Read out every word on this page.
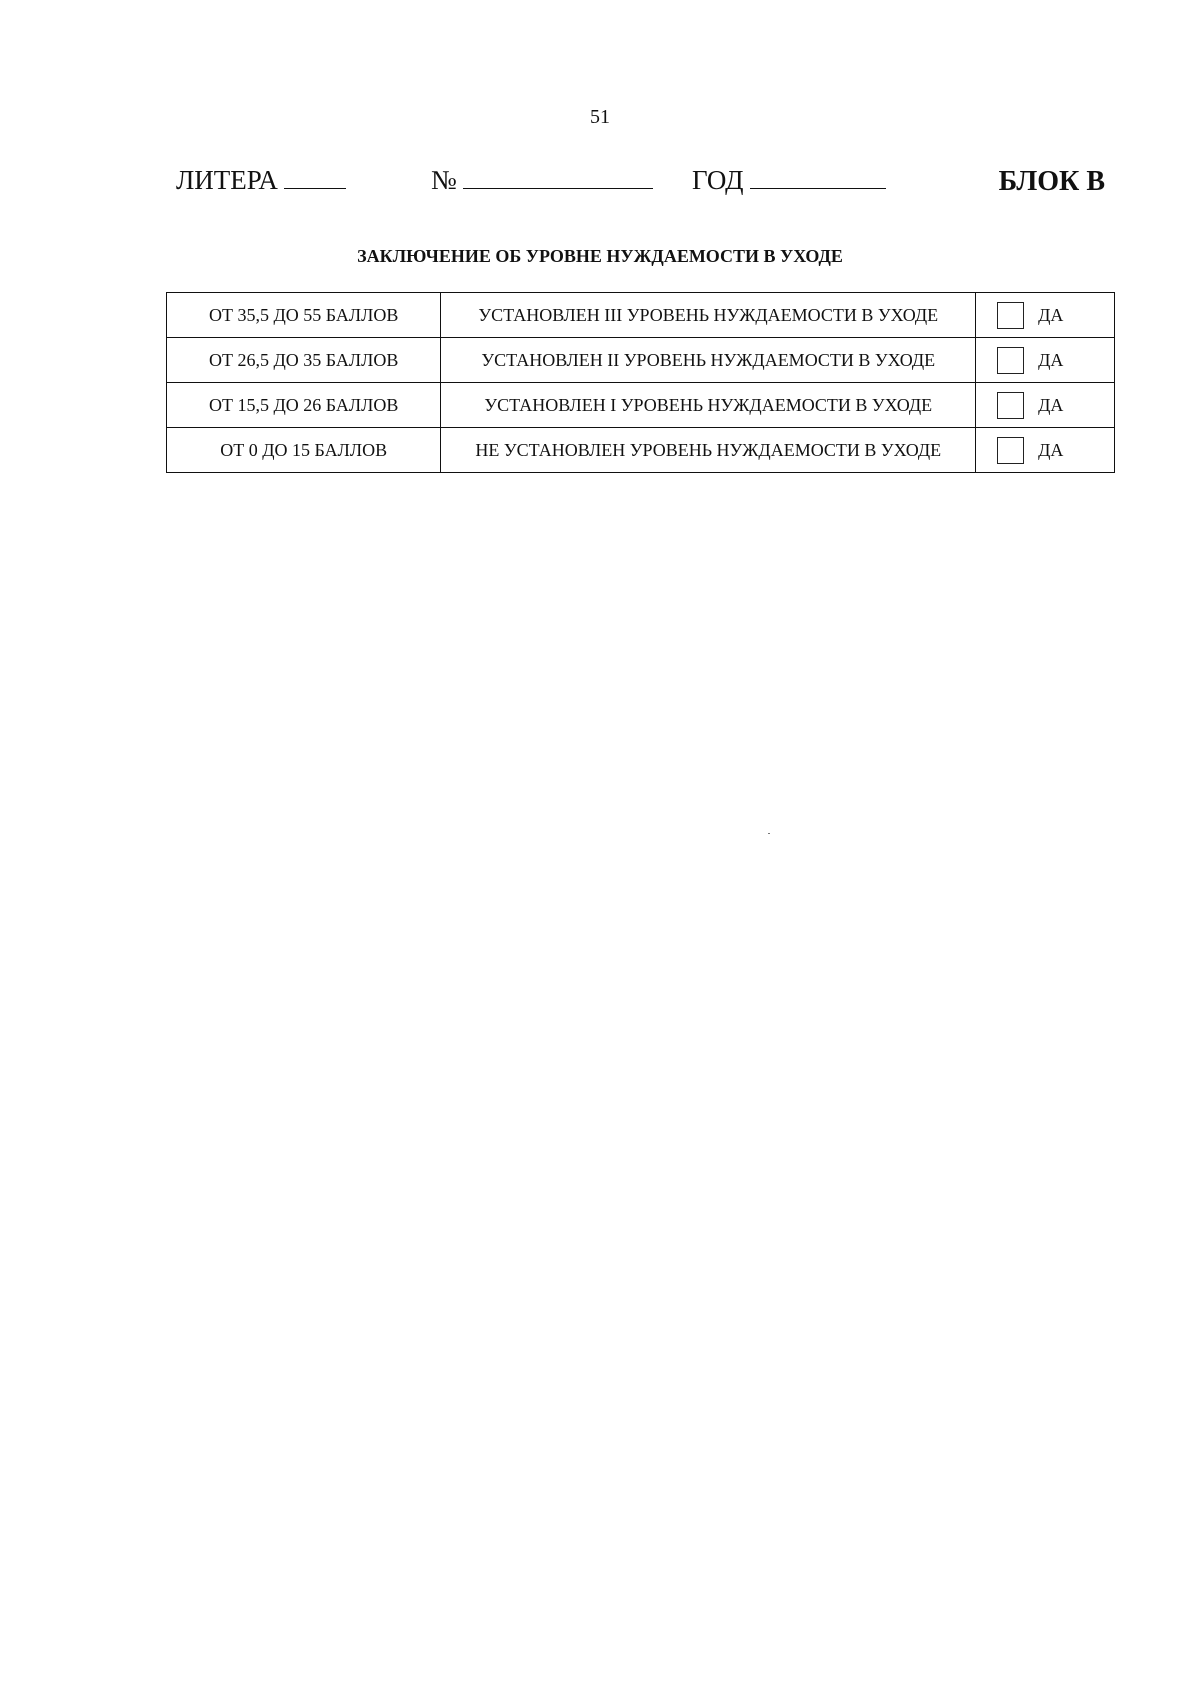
51
ЛИТЕРА	№	ГОД	БЛОК В
ЗАКЛЮЧЕНИЕ ОБ УРОВНЕ НУЖДАЕМОСТИ В УХОДЕ
ОТ 35,5 ДО 55 БАЛЛОВ	УСТАНОВЛЕН III УРОВЕНЬ НУЖДАЕМОСТИ В УХОДЕ	ДА

ОТ 26,5 ДО 35 БАЛЛОВ	УСТАНОВЛЕН II УРОВЕНЬ НУЖДАЕМОСТИ В УХОДЕ	ДА

ОТ 15,5 ДО 26 БАЛЛОВ	УСТАНОВЛЕН I УРОВЕНЬ НУЖДАЕМОСТИ В УХОДЕ	ДА

ОТ 0 ДО 15 БАЛЛОВ	НЕ УСТАНОВЛЕН УРОВЕНЬ НУЖДАЕМОСТИ В УХОДЕ	ДА
